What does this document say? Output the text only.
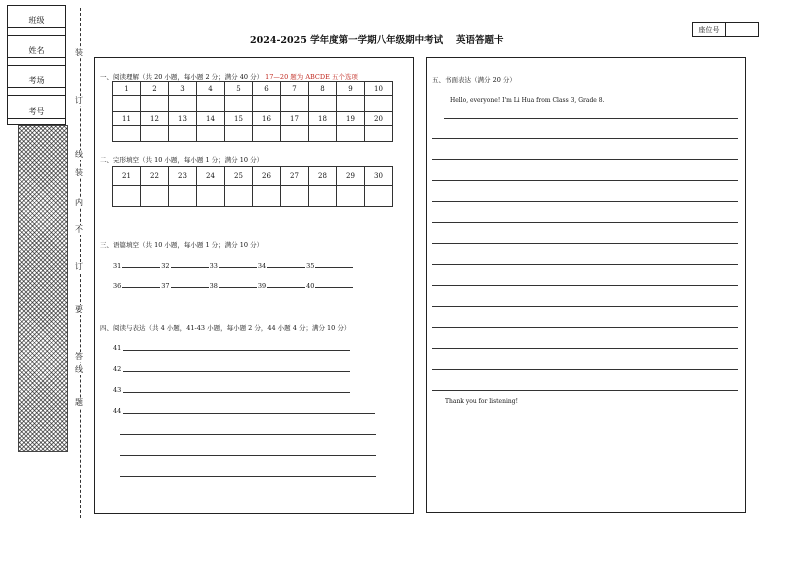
班级
姓名
考场
考号
装
订
线
装
内
不
订
要
答
线
题
2024-2025 学年度第一学期八年级期中考试　 英语答题卡
座位号
一、阅读理解（共 20 小题，每小题 2 分；满分 40 分） 17—20 题为 ABCDE 五个选项
1	2	3	4	5	6	7	8	9	10

11	12	13	14	15	16	17	18	19	20

二、完形填空（共 10 小题，每小题 1 分；满分 10 分）
21	22	23	24	25	26	27	28	29	30

三、语篇填空（共 10 小题，每小题 1 分；满分 10 分）
31	32	33	34	35
36	37	38	39	40
四、阅读与表达（共 4 小题，41-43 小题，每小题 2 分，44 小题 4 分；满分 10 分）
41
42
43
44
五、书面表达（满分 20 分）
Hello, everyone! I'm Li Hua from Class 3, Grade 8.
Thank you for listening!
